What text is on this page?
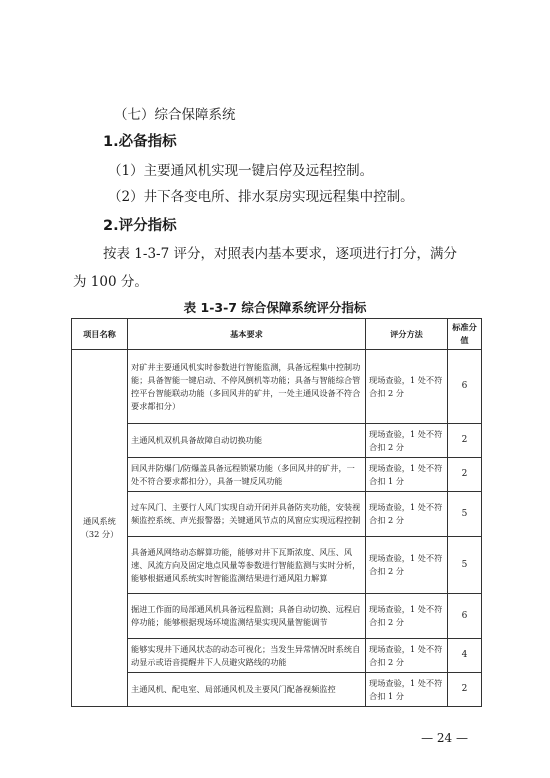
（七）综合保障系统
1.必备指标
（1）主要通风机实现一键启停及远程控制。
（2）井下各变电所、排水泵房实现远程集中控制。
2.评分指标
按表 1-3-7 评分，对照表内基本要求，逐项进行打分，满分
为 100 分。
表 1-3-7 综合保障系统评分指标
项目名称	基本要求	评分方法	标准分值
通风系统（32 分）	对矿井主要通风机实时参数进行智能监测，具备远程集中控制功能；具备智能一键启动、不停风倒机等功能；具备与智能综合管控平台智能联动功能（多回风井的矿井，一处主通风设备不符合要求都扣分）	现场查验，1 处不符合扣 2 分	6
	主通风机双机具备故障自动切换功能	现场查验，1 处不符合扣 2 分	2
	回风井防爆门/防爆盖具备远程锁紧功能（多回风井的矿井，一处不符合要求都扣分），具备一键反风功能	现场查验，1 处不符合扣 1 分	2
	过车风门、主要行人风门实现自动开闭并具备防夹功能，安装视频监控系统、声光报警器；关键通风节点的风窗应实现远程控制	现场查验，1 处不符合扣 2 分	5
	具备通风网络动态解算功能，能够对井下瓦斯浓度、风压、风速、风流方向及固定地点风量等参数进行智能监测与实时分析，能够根据通风系统实时智能监测结果进行通风阻力解算	现场查验，1 处不符合扣 2 分	5
	掘进工作面的局部通风机具备远程监测；具备自动切换、远程启停功能；能够根据现场环境监测结果实现风量智能调节	现场查验，1 处不符合扣 2 分	6
	能够实现井下通风状态的动态可视化；当发生异常情况时系统自动显示或语音提醒井下人员避灾路线的功能	现场查验，1 处不符合扣 2 分	4
	主通风机、配电室、局部通风机及主要风门配备视频监控	现场查验，1 处不符合扣 1 分	2
— 24 —
